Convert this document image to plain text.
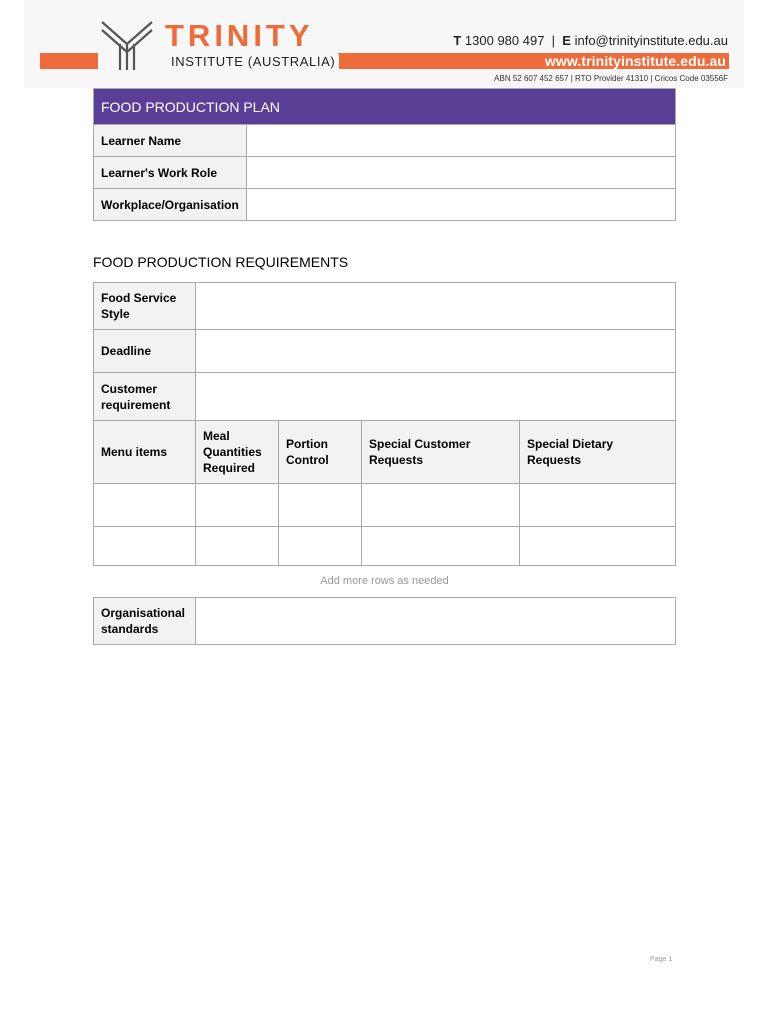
TRINITY
INSTITUTE (AUSTRALIA)
T 1300 980 497 | E info@trinityinstitute.edu.au
www.trinityinstitute.edu.au
ABN 52 607 452 657 | RTO Provider 41310 | Cricos Code 03556F
FOOD PRODUCTION PLAN	
Learner Name	
Learner's Work Role	
Workplace/Organisation	
FOOD PRODUCTION REQUIREMENTS
Food Service Style				
Deadline				
Customer requirement				
Menu items	Meal Quantities Required	Portion Control	Special Customer Requests	Special Dietary Requests

Add more rows as needed
Organisational standards	
Page 1
